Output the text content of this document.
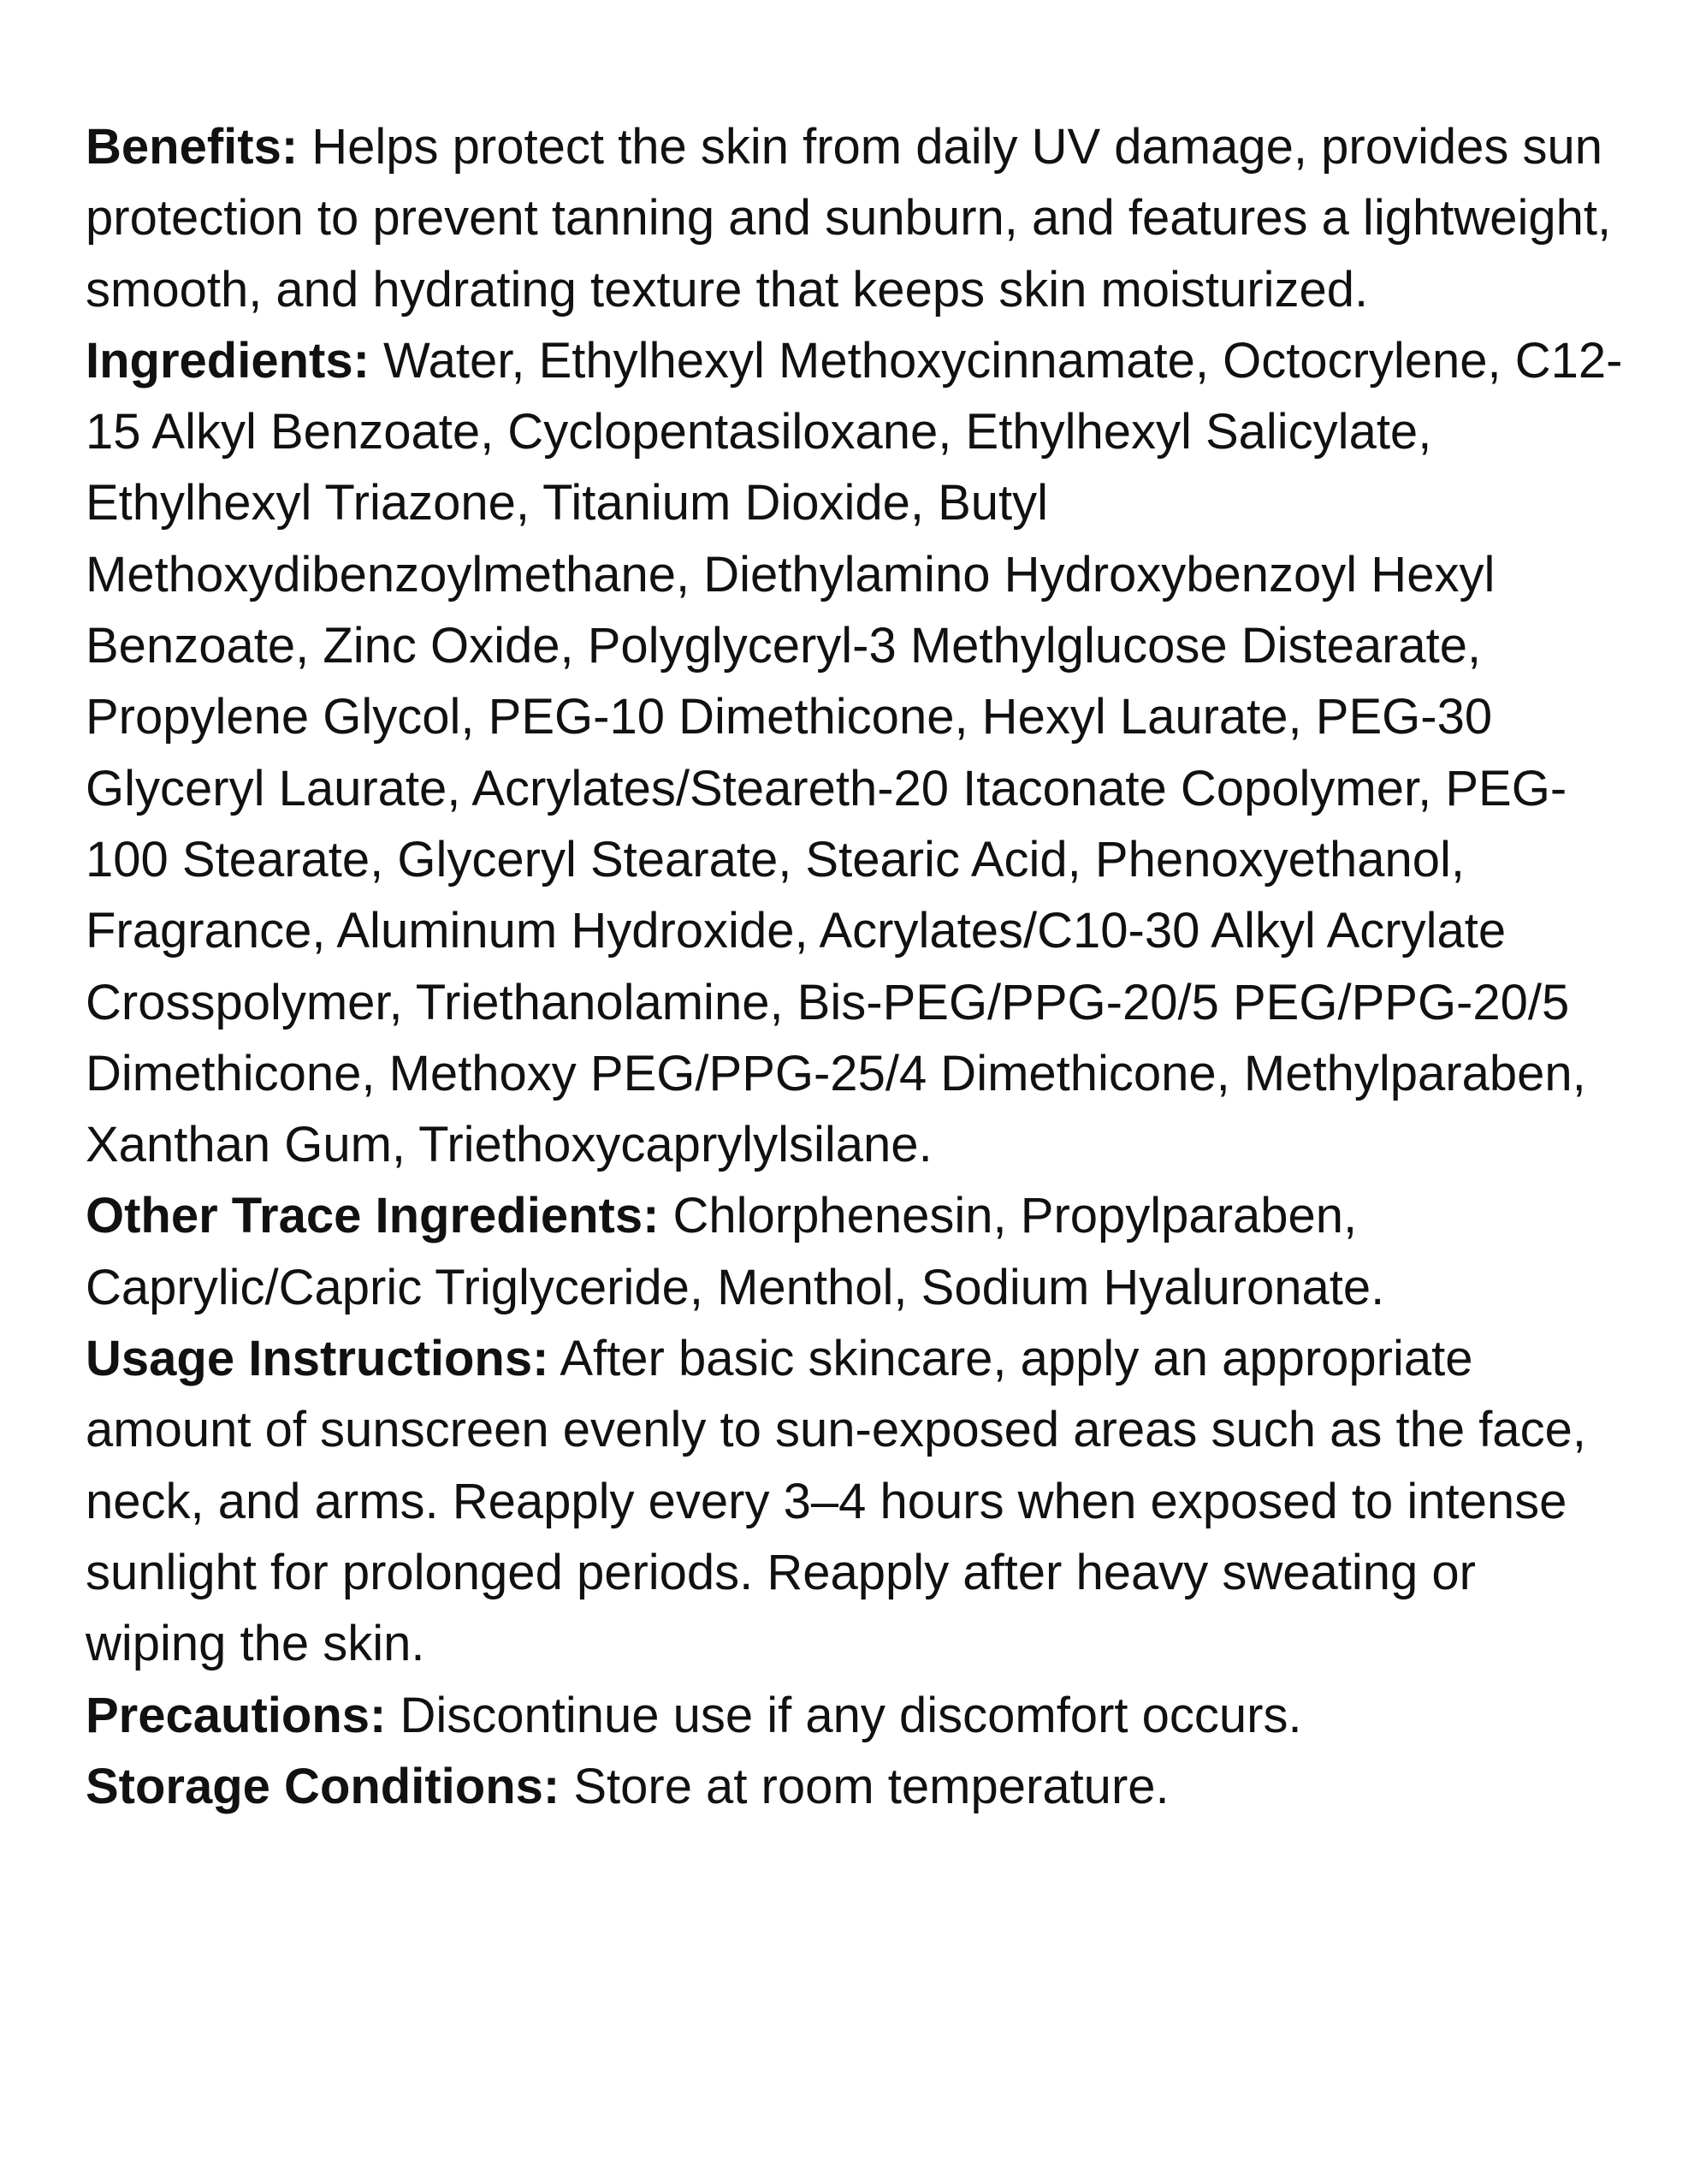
Benefits: Helps protect the skin from daily UV damage, provides sun protection to prevent tanning and sunburn, and features a lightweight, smooth, and hydrating texture that keeps skin moisturized.

Ingredients: Water, Ethylhexyl Methoxycinnamate, Octocrylene, C12-15 Alkyl Benzoate, Cyclopentasiloxane, Ethylhexyl Salicylate, Ethylhexyl Triazone, Titanium Dioxide, Butyl Methoxydibenzoylmethane, Diethylamino Hydroxybenzoyl Hexyl Benzoate, Zinc Oxide, Polyglyceryl-3 Methylglucose Distearate, Propylene Glycol, PEG-10 Dimethicone, Hexyl Laurate, PEG-30 Glyceryl Laurate, Acrylates/Steareth-20 Itaconate Copolymer, PEG-100 Stearate, Glyceryl Stearate, Stearic Acid, Phenoxyethanol, Fragrance, Aluminum Hydroxide, Acrylates/C10-30 Alkyl Acrylate Crosspolymer, Triethanolamine, Bis-PEG/PPG-20/5 PEG/PPG-20/5 Dimethicone, Methoxy PEG/PPG-25/4 Dimethicone, Methylparaben, Xanthan Gum, Triethoxycaprylylsilane.

Other Trace Ingredients: Chlorphenesin, Propylparaben, Caprylic/Capric Triglyceride, Menthol, Sodium Hyaluronate.

Usage Instructions: After basic skincare, apply an appropriate amount of sunscreen evenly to sun-exposed areas such as the face, neck, and arms. Reapply every 3–4 hours when exposed to intense sunlight for prolonged periods. Reapply after heavy sweating or wiping the skin.

Precautions: Discontinue use if any discomfort occurs.

Storage Conditions: Store at room temperature.
